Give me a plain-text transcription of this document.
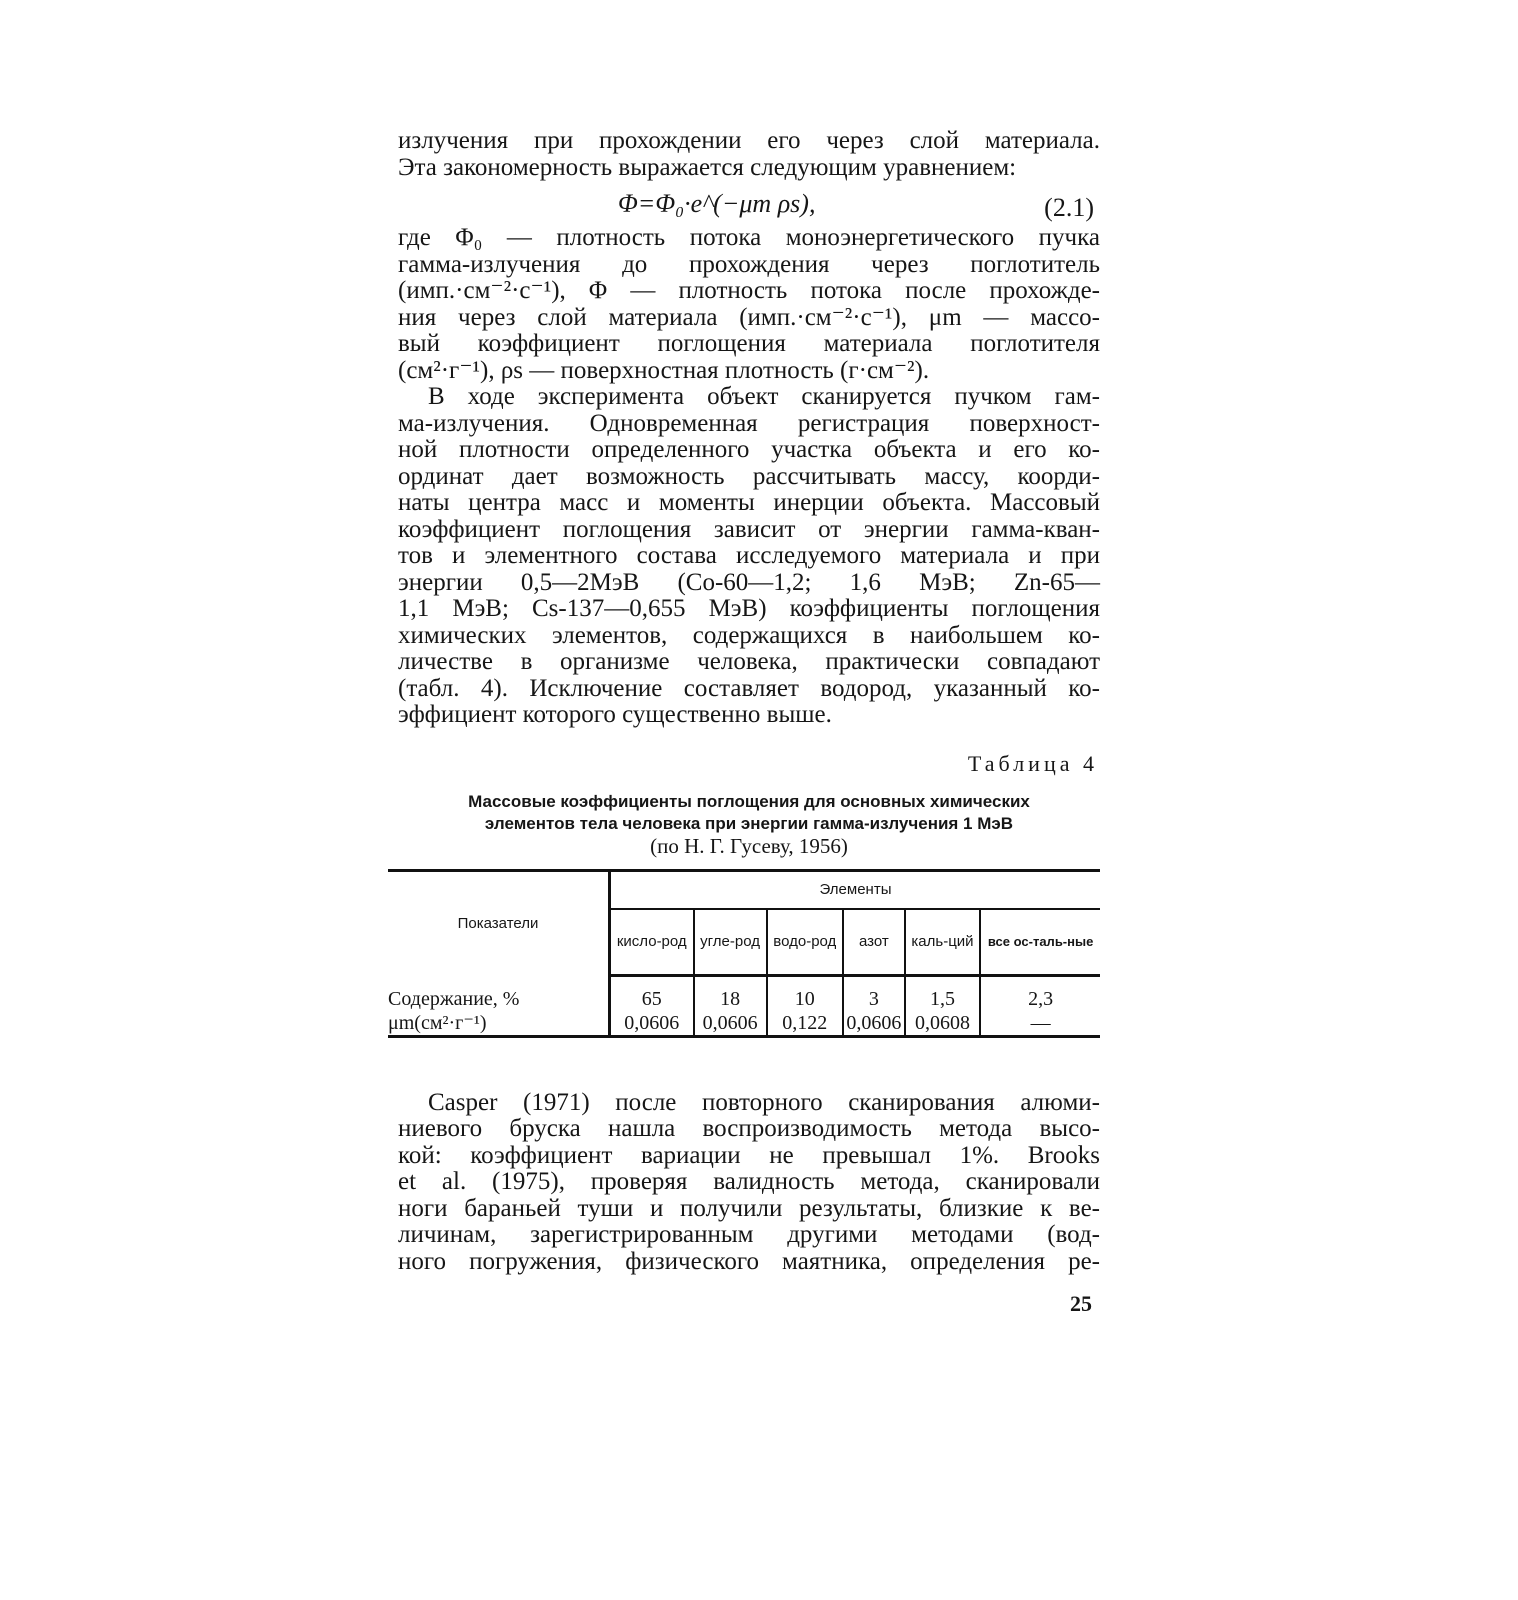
излучения при прохождении его через слой материала.
Эта закономерность выражается следующим уравнением:
Φ=Φ₀·e^(−μm ρs),	(2.1)
где Φ₀ — плотность потока моноэнергетического пучка
гамма-излучения до прохождения через поглотитель
(имп.·см⁻²·с⁻¹), Φ — плотность потока после прохожде-
ния через слой материала (имп.·см⁻²·с⁻¹), μm — массо-
вый коэффициент поглощения материала поглотителя
(см²·г⁻¹), ρs — поверхностная плотность (г·см⁻²).
В ходе эксперимента объект сканируется пучком гам-
ма-излучения. Одновременная регистрация поверхност-
ной плотности определенного участка объекта и его ко-
ординат дает возможность рассчитывать массу, коорди-
наты центра масс и моменты инерции объекта. Массовый
коэффициент поглощения зависит от энергии гамма-кван-
тов и элементного состава исследуемого материала и при
энергии 0,5—2МэВ (Co-60—1,2; 1,6 МэВ; Zn-65—
1,1 МэВ; Cs-137—0,655 МэВ) коэффициенты поглощения
химических элементов, содержащихся в наибольшем ко-
личестве в организме человека, практически совпадают
(табл. 4). Исключение составляет водород, указанный ко-
эффициент которого существенно выше.
Таблица 4
Массовые коэффициенты поглощения для основных химических
элементов тела человека при энергии гамма-излучения 1 МэВ
(по Н. Г. Гусеву, 1956)
Показатели	Элементы					
	кисло-род	угле-род	водо-род	азот	каль-ций	все ос-таль-ные

Содержание, %	65	18	10	3	1,5	2,3
μm(см²·г⁻¹)	0,0606	0,0606	0,122	0,0606	0,0608	—
Casper (1971) после повторного сканирования алюми-
ниевого бруска нашла воспроизводимость метода высо-
кой: коэффициент вариации не превышал 1%. Brooks
et al. (1975), проверяя валидность метода, сканировали
ноги бараньей туши и получили результаты, близкие к ве-
личинам, зарегистрированным другими методами (вод-
ного погружения, физического маятника, определения ре-
25
